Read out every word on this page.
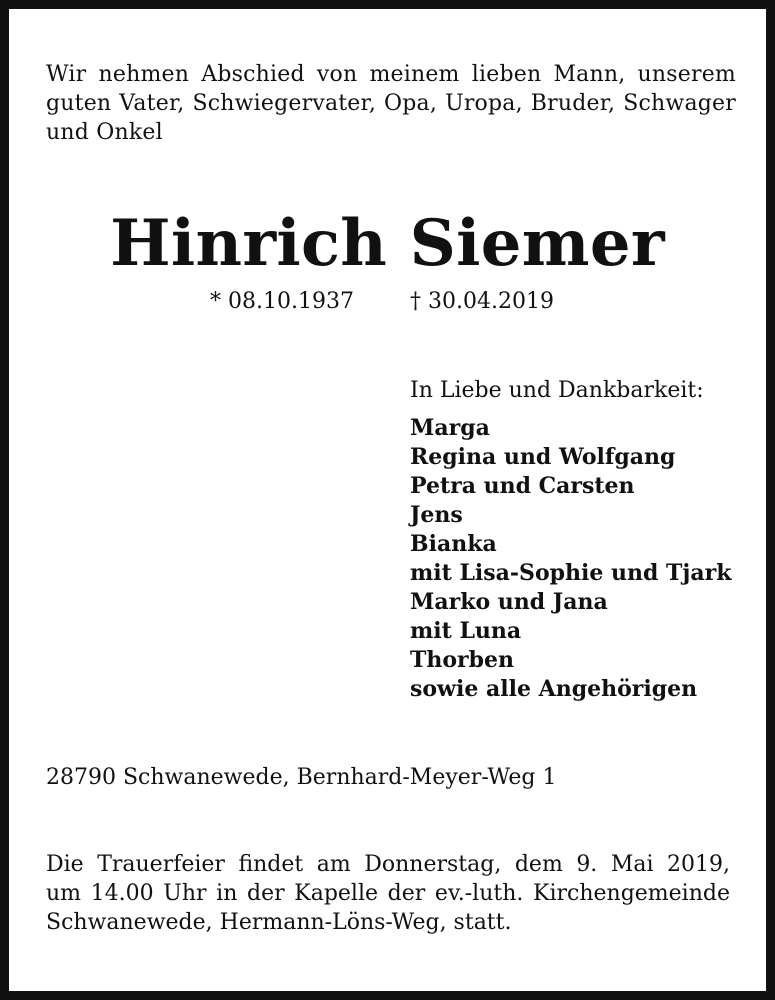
Wir nehmen Abschied von meinem lieben Mann, unserem
guten Vater, Schwiegervater, Opa, Uropa, Bruder, Schwager
und Onkel
Hinrich Siemer
* 08.10.1937	† 30.04.2019
In Liebe und Dankbarkeit:
Marga
Regina und Wolfgang
Petra und Carsten
Jens
Bianka
mit Lisa-Sophie und Tjark
Marko und Jana
mit Luna
Thorben
sowie alle Angehörigen
28790 Schwanewede, Bernhard-Meyer-Weg 1
Die Trauerfeier findet am Donnerstag, dem 9. Mai 2019,
um 14.00 Uhr in der Kapelle der ev.-luth. Kirchengemeinde
Schwanewede, Hermann-Löns-Weg, statt.
